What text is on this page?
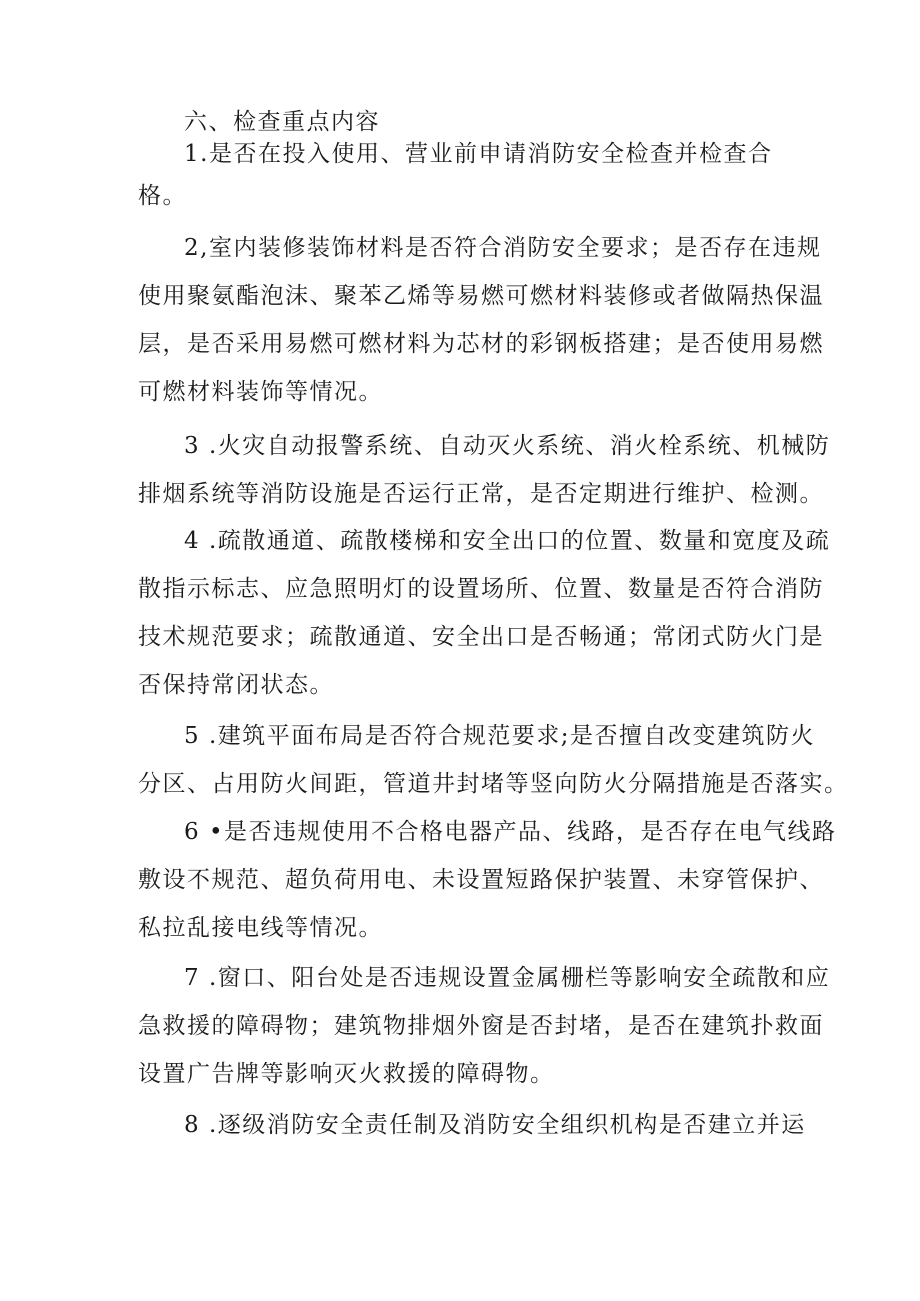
六、检查重点内容
1.是否在投入使用、营业前申请消防安全检查并检查合
格。
2,室内装修装饰材料是否符合消防安全要求；是否存在违规
使用聚氨酯泡沫、聚苯乙烯等易燃可燃材料装修或者做隔热保温
层，是否采用易燃可燃材料为芯材的彩钢板搭建；是否使用易燃
可燃材料装饰等情况。
3 .火灾自动报警系统、自动灭火系统、消火栓系统、机械防
排烟系统等消防设施是否运行正常，是否定期进行维护、检测。
4 .疏散通道、疏散楼梯和安全出口的位置、数量和宽度及疏
散指示标志、应急照明灯的设置场所、位置、数量是否符合消防
技术规范要求；疏散通道、安全出口是否畅通；常闭式防火门是
否保持常闭状态。
5 .建筑平面布局是否符合规范要求;是否擅自改变建筑防火
分区、占用防火间距，管道井封堵等竖向防火分隔措施是否落实。
6 •是否违规使用不合格电器产品、线路，是否存在电气线路
敷设不规范、超负荷用电、未设置短路保护装置、未穿管保护、
私拉乱接电线等情况。
7 .窗口、阳台处是否违规设置金属栅栏等影响安全疏散和应
急救援的障碍物；建筑物排烟外窗是否封堵，是否在建筑扑救面
设置广告牌等影响灭火救援的障碍物。
8 .逐级消防安全责任制及消防安全组织机构是否建立并运
